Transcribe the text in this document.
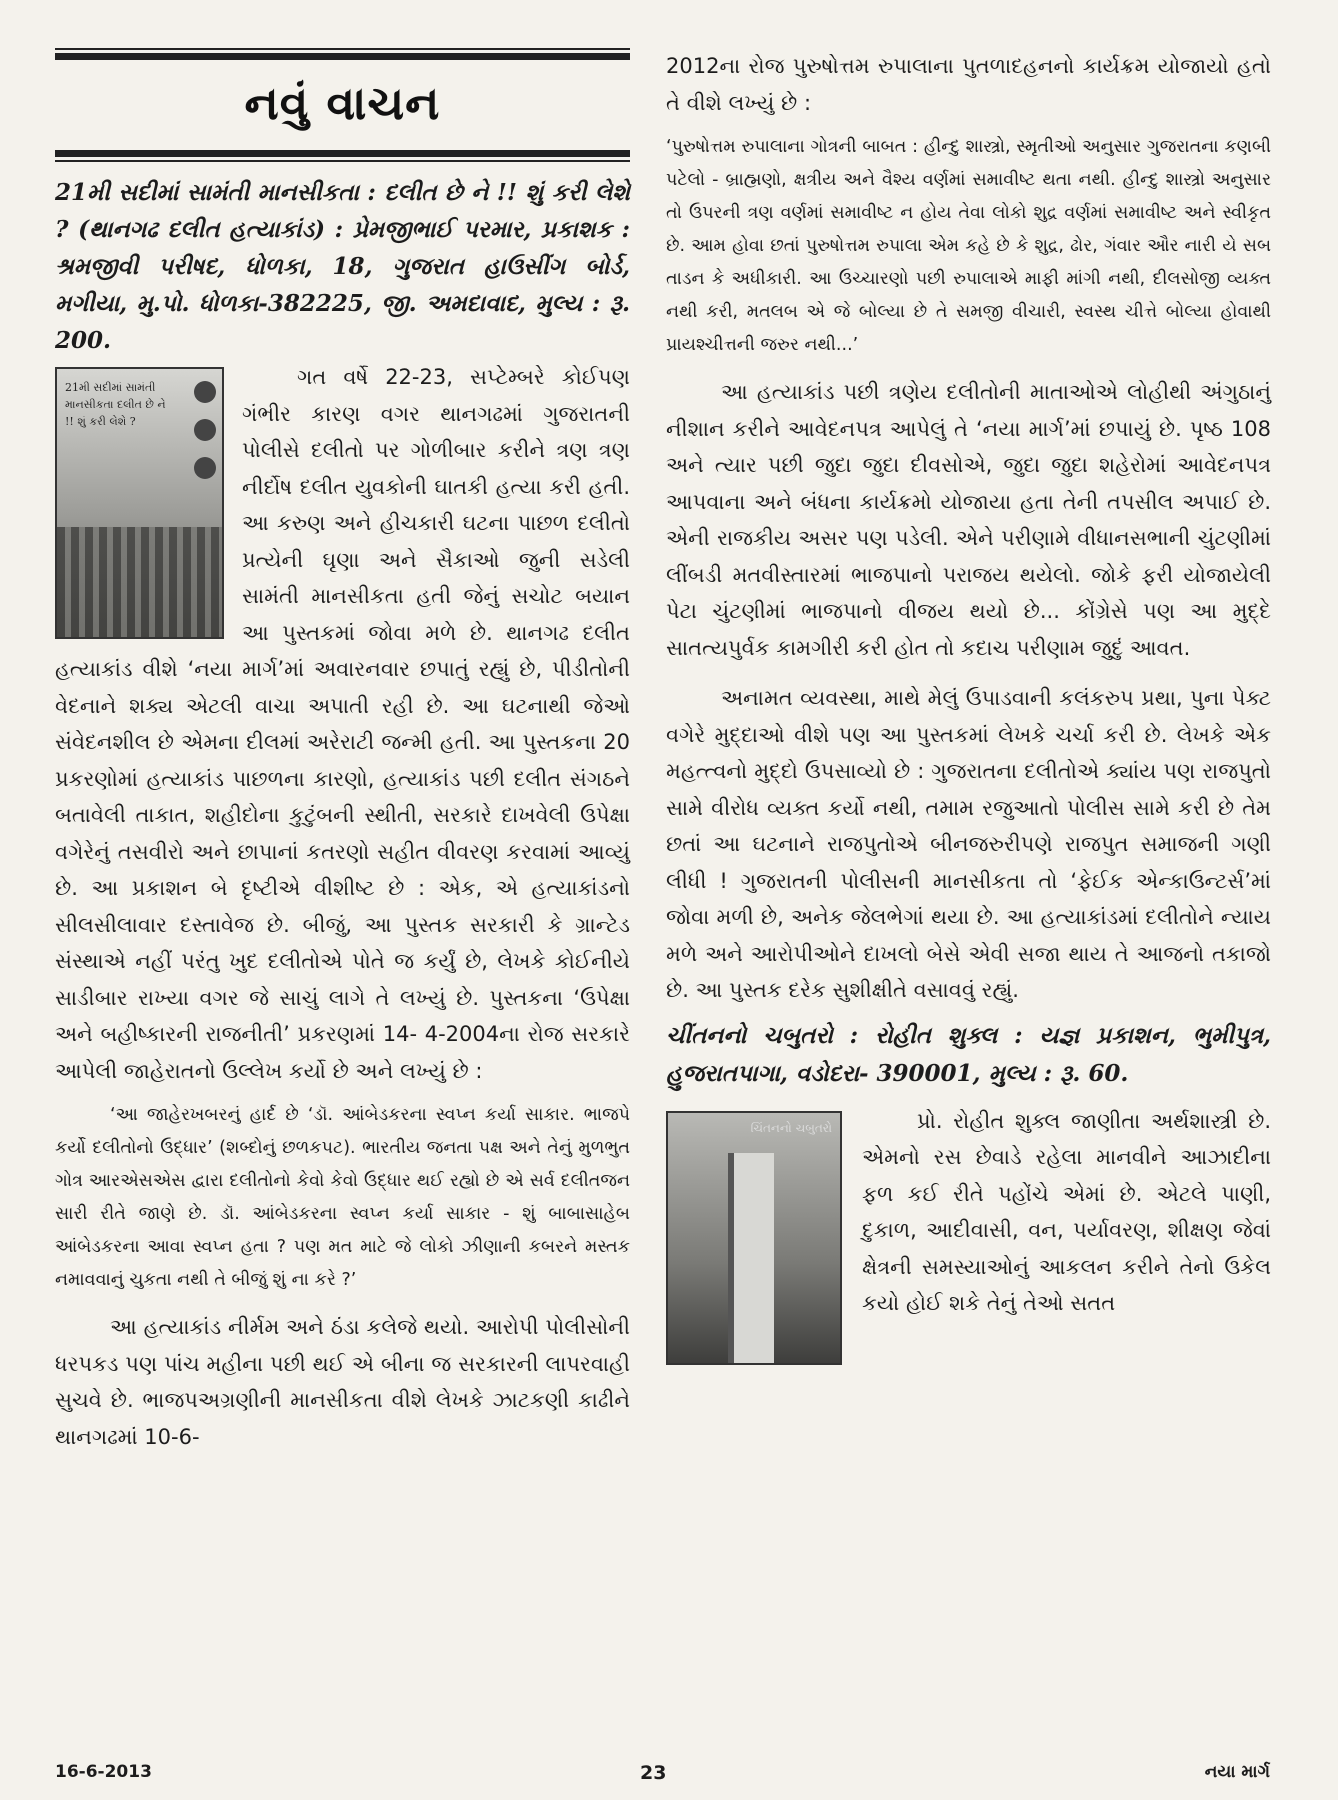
નવું વાચન
21મી સદીમાં સામંતી માનસીકતા : દલીત છે ને !! શું કરી લેશે ? (થાનગઢ દલીત હત્યાકાંડ) : પ્રેમજીભાઈ પરમાર, પ્રકાશક : શ્રમજીવી પરીષદ, ધોળકા, 18, ગુજરાત હાઉસીંગ બોર્ડ, મગીયા, મુ.પો. ધોળકા-382225, જી. અમદાવાદ, મુલ્ય : રૂ. 200.
21મી સદીમાં સામંતી માનસીકતા દલીત છે ને !! શું કરી લેશે ?

ગત વર્ષે 22-23, સપ્ટેમ્બરે કોઈપણ ગંભીર કારણ વગર થાનગઢમાં ગુજરાતની પોલીસે દલીતો પર ગોળીબાર કરીને ત્રણ ત્રણ નીર્દોષ દલીત યુવકોની ઘાતકી હત્યા કરી હતી. આ કરુણ અને હીચકારી ઘટના પાછળ દલીતો પ્રત્યેની ઘૃણા અને સૈકાઓ જુની સડેલી સામંતી માનસીકતા હતી જેનું સચોટ બયાન આ પુસ્તકમાં જોવા મળે છે. થાનગઢ દલીત હત્યાકાંડ વીશે ‘નયા માર્ગ’માં અવારનવાર છપાતું રહ્યું છે, પીડીતોની વેદનાને શક્ય એટલી વાચા અપાતી રહી છે. આ ઘટનાથી જેઓ સંવેદનશીલ છે એમના દીલમાં અરેરાટી જન્મી હતી. આ પુસ્તકના 20 પ્રકરણોમાં હત્યાકાંડ પાછળના કારણો, હત્યાકાંડ પછી દલીત સંગઠને બતાવેલી તાકાત, શહીદોના કુટુંબની સ્થીતી, સરકારે દાખવેલી ઉપેક્ષા વગેરેનું તસવીરો અને છાપાનાં કતરણો સહીત વીવરણ કરવામાં આવ્યું છે. આ પ્રકાશન બે દૃષ્ટીએ વીશીષ્ટ છે : એક, એ હત્યાકાંડનો સીલસીલાવાર દસ્તાવેજ છે. બીજું, આ પુસ્તક સરકારી કે ગ્રાન્ટેડ સંસ્થાએ નહીં પરંતુ ખુદ દલીતોએ પોતે જ કર્યું છે, લેખકે કોઈનીયે સાડીબાર રાખ્યા વગર જે સાચું લાગે તે લખ્યું છે. પુસ્તકના ‘ઉપેક્ષા અને બહીષ્કારની રાજનીતી’ પ્રકરણમાં 14- 4-2004ના રોજ સરકારે આપેલી જાહેરાતનો ઉલ્લેખ કર્યો છે અને લખ્યું છે :

‘આ જાહેરખબરનું હાર્દ છે ‘ડૉ. આંબેડકરના સ્વપ્ન કર્યા સાકાર. ભાજપે કર્યો દલીતોનો ઉદ્ધાર’ (શબ્દોનું છળકપટ). ભારતીય જનતા પક્ષ અને તેનું મુળભુત ગોત્ર આરએસએસ દ્વારા દલીતોનો કેવો કેવો ઉદ્ધાર થઈ રહ્યો છે એ સર્વ દલીતજન સારી રીતે જાણે છે. ડૉ. આંબેડકરના સ્વપ્ન કર્યા સાકાર - શું બાબાસાહેબ આંબેડકરના આવા સ્વપ્ન હતા ? પણ મત માટે જે લોકો ઝીણાની કબરને મસ્તક નમાવવાનું ચુકતા નથી તે બીજું શું ના કરે ?’

આ હત્યાકાંડ નીર્મમ અને ઠંડા કલેજે થયો. આરોપી પોલીસોની ધરપકડ પણ પાંચ મહીના પછી થઈ એ બીના જ સરકારની લાપરવાહી સુચવે છે. ભાજપઅગ્રણીની માનસીકતા વીશે લેખકે ઝાટકણી કાઢીને થાનગઢમાં 10-6-

2012ના રોજ પુરુષોત્તમ રુપાલાના પુતળાદહનનો કાર્યક્રમ યોજાયો હતો તે વીશે લખ્યું છે :

‘પુરુષોત્તમ રુપાલાના ગોત્રની બાબત : હીન્દુ શાસ્ત્રો, સ્મૃતીઓ અનુસાર ગુજરાતના કણબી પટેલો - બ્રાહ્મણો, ક્ષત્રીય અને વૈશ્ય વર્ણમાં સમાવીષ્ટ થતા નથી. હીન્દુ શાસ્ત્રો અનુસાર તો ઉપરની ત્રણ વર્ણમાં સમાવીષ્ટ ન હોય તેવા લોકો શુદ્ર વર્ણમાં સમાવીષ્ટ અને સ્વીકૃત છે. આમ હોવા છતાં પુરુષોત્તમ રુપાલા એમ કહે છે કે શુદ્ર, ઢોર, ગંવાર ઔર નારી યે સબ તાડન કે અધીકારી. આ ઉચ્ચારણો પછી રુપાલાએ માફી માંગી નથી, દીલસોજી વ્યક્ત નથી કરી, મતલબ એ જે બોલ્યા છે તે સમજી વીચારી, સ્વસ્થ ચીત્તે બોલ્યા હોવાથી પ્રાયશ્ચીત્તની જરુર નથી...’

આ હત્યાકાંડ પછી ત્રણેય દલીતોની માતાઓએ લોહીથી અંગુઠાનું નીશાન કરીને આવેદનપત્ર આપેલું તે ‘નયા માર્ગ’માં છપાયું છે. પૃષ્ઠ 108 અને ત્યાર પછી જુદા જુદા દીવસોએ, જુદા જુદા શહેરોમાં આવેદનપત્ર આપવાના અને બંધના કાર્યક્રમો યોજાયા હતા તેની તપસીલ અપાઈ છે. એની રાજકીય અસર પણ પડેલી. એને પરીણામે વીધાનસભાની ચુંટણીમાં લીંબડી મતવીસ્તારમાં ભાજપાનો પરાજય થયેલો. જોકે ફરી યોજાયેલી પેટા ચુંટણીમાં ભાજપાનો વીજય થયો છે... કોંગ્રેસે પણ આ મુદ્દે સાતત્યપુર્વક કામગીરી કરી હોત તો કદાચ પરીણામ જુદું આવત.

અનામત વ્યવસ્થા, માથે મેલું ઉપાડવાની કલંકરુપ પ્રથા, પુના પેક્ટ વગેરે મુદ્દાઓ વીશે પણ આ પુસ્તકમાં લેખકે ચર્ચા કરી છે. લેખકે એક મહત્ત્વનો મુદ્દો ઉપસાવ્યો છે : ગુજરાતના દલીતોએ ક્યાંય પણ રાજપુતો સામે વીરોધ વ્યક્ત કર્યો નથી, તમામ રજુઆતો પોલીસ સામે કરી છે તેમ છતાં આ ઘટનાને રાજપુતોએ બીનજરુરીપણે રાજપુત સમાજની ગણી લીધી ! ગુજરાતની પોલીસની માનસીકતા તો ‘ફેઈક એન્કાઉન્ટર્સ’માં જોવા મળી છે, અનેક જેલભેગાં થયા છે. આ હત્યાકાંડમાં દલીતોને ન્યાય મળે અને આરોપીઓને દાખલો બેસે એવી સજા થાય તે આજનો તકાજો છે. આ પુસ્તક દરેક સુશીક્ષીતે વસાવવું રહ્યું.

ચીંતનનો ચબુતરો : રોહીત શુક્લ : યજ્ઞ પ્રકાશન, ભુમીપુત્ર, હુજરાતપાગા, વડોદરા- 390001, મુલ્ય : રૂ. 60.
ચિંતનનો ચબુતરો	પ્રો. રોહીત શુક્લ જાણીતા અર્થશાસ્ત્રી છે. એમનો રસ છેવાડે રહેલા માનવીને આઝાદીના ફળ કઈ રીતે પહોંચે એમાં છે. એટલે પાણી, દુકાળ, આદીવાસી, વન, પર્યાવરણ, શીક્ષણ જેવાં ક્ષેત્રની સમસ્યાઓનું આકલન કરીને તેનો ઉકેલ કયો હોઈ શકે તેનું તેઓ સતત

16-6-2013	23	નયા માર્ગ
